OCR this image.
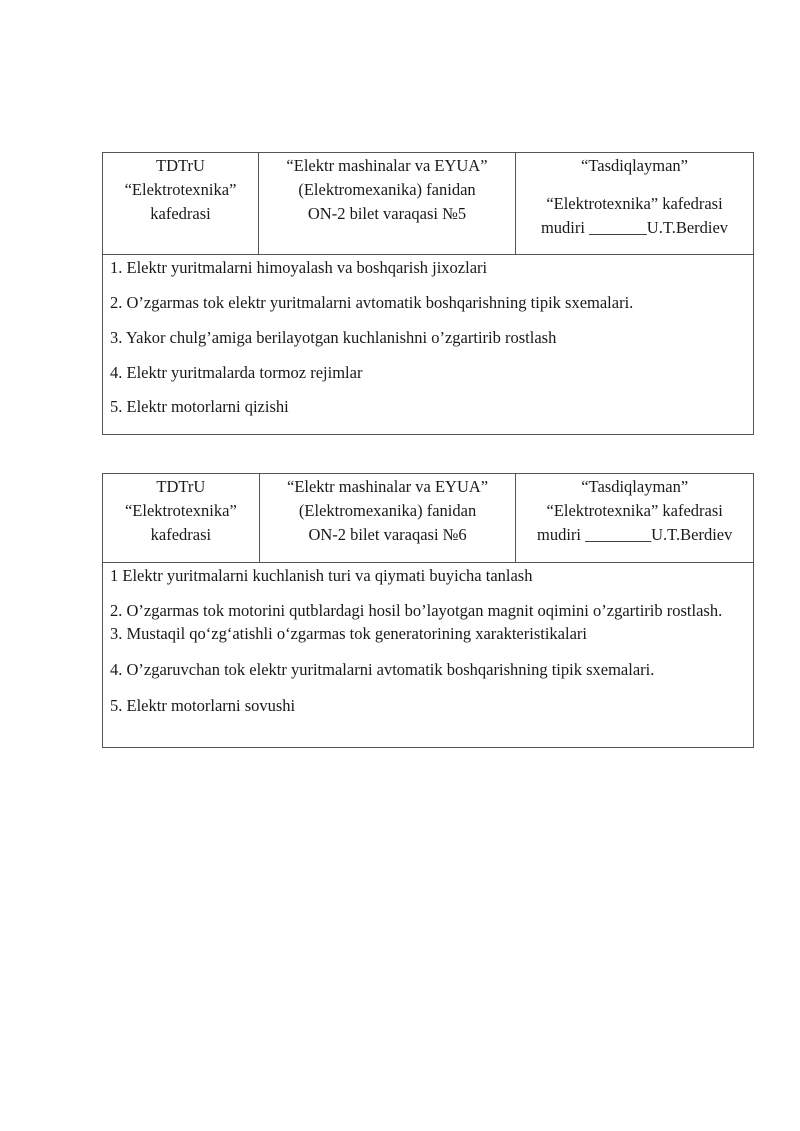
TDTrU
“Elektrotexnika”
kafedrasi
“Elektr mashinalar va EYUA”
(Elektromexanika) fanidan
ON-2 bilet varaqasi №5
“Tasdiqlayman”
“Elektrotexnika” kafedrasi
mudiri _______U.T.Berdiev
1. Elektr yuritmalarni himoyalash va boshqarish jixozlari
2. O’zgarmas tok elektr yuritmalarni avtomatik boshqarishning tipik sxemalari.
3. Yakor chulg’amiga berilayotgan kuchlanishni o’zgartirib rostlash
4. Elektr yuritmalarda tormoz rejimlar
5. Elektr motorlarni qizishi
TDTrU
“Elektrotexnika”
kafedrasi
“Elektr mashinalar va EYUA”
(Elektromexanika) fanidan
ON-2 bilet varaqasi №6
“Tasdiqlayman”
“Elektrotexnika” kafedrasi
mudiri ________U.T.Berdiev
1 Elektr yuritmalarni kuchlanish turi va qiymati buyicha tanlash
2. O’zgarmas tok motorini qutblardagi hosil bo’layotgan magnit oqimini o’zgartirib rostlash.
3. Mustaqil qo‘zg‘atishli o‘zgarmas tok generatorining xarakteristikalari
4. O’zgaruvchan tok elektr yuritmalarni avtomatik boshqarishning tipik sxemalari.
5. Elektr motorlarni sovushi
